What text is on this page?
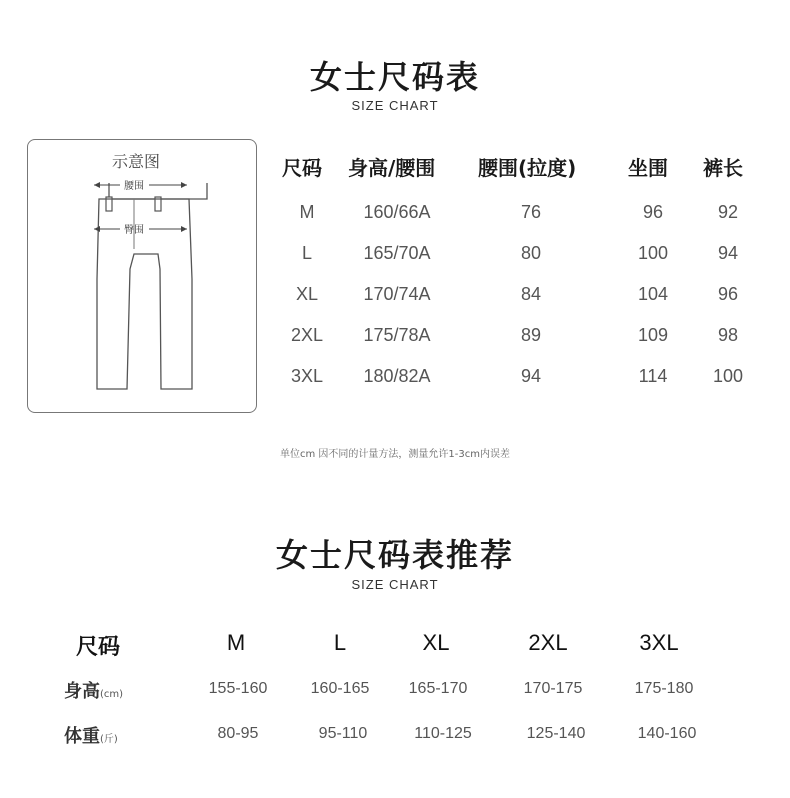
女士尺码表
SIZE CHART
示意图
腰围
臀围
尺码 身高/腰围 腰围(拉度)	坐围 裤长
M	160/66A	76	96	92
L	165/70A	80	100	94
XL	170/74A	84	104	96
2XL	175/78A	89	109	98
3XL	180/82A	94	114	100
单位cm 因不同的计量方法，测量允许1-3cm内误差
女士尺码表推荐
SIZE CHART
尺码	M	L	XL	2XL	3XL
身高(cm)	155-160	160-165	165-170	170-175	175-180
体重(斤)	80-95	95-110	110-125	125-140	140-160
